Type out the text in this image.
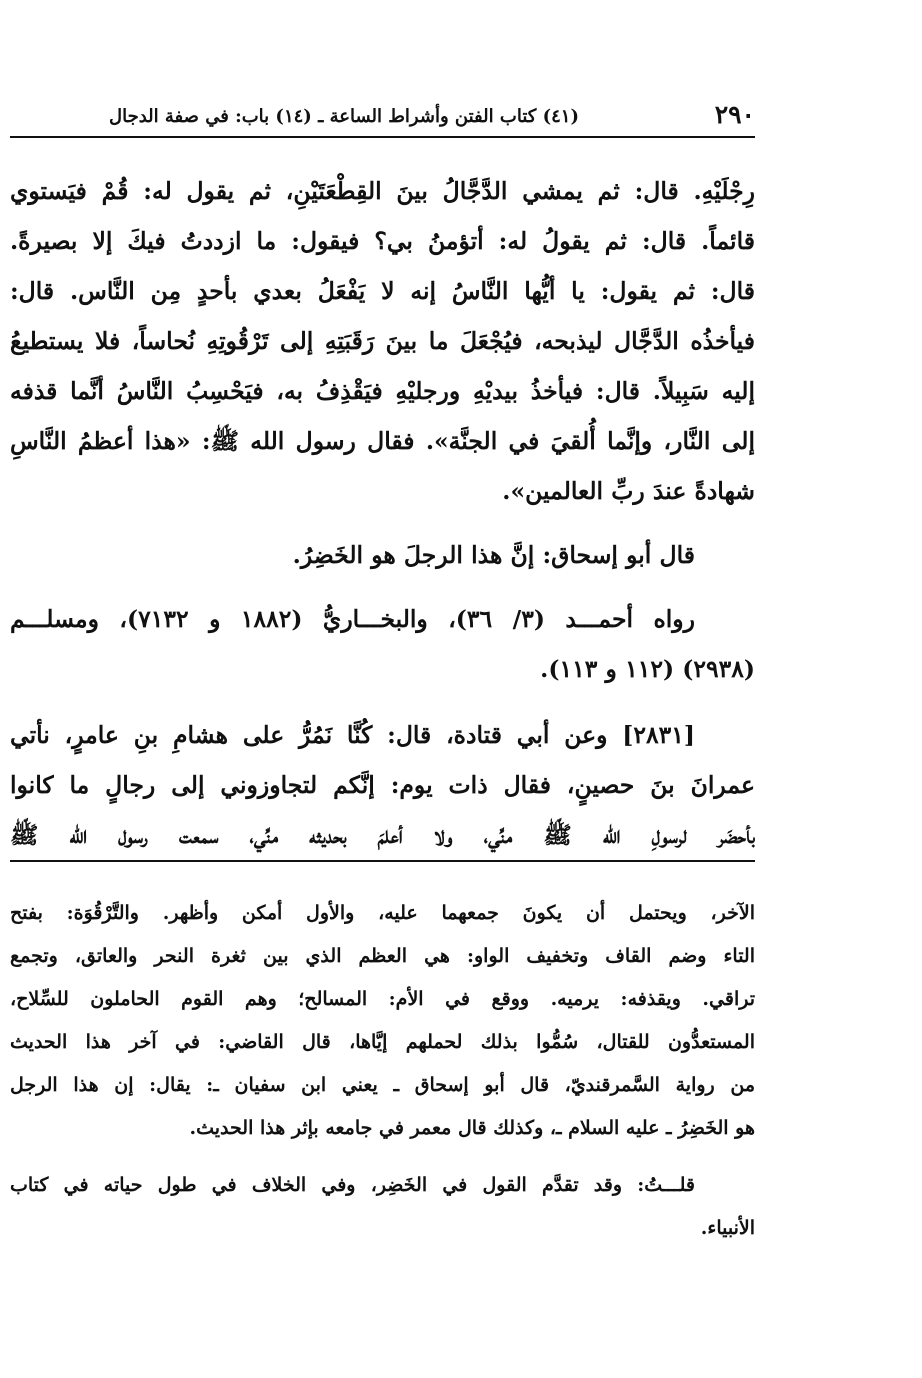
٢٩٠
(٤١) كتاب الفتن وأشراط الساعة ـ (١٤) باب: في صفة الدجال
رِجْلَيْهِ. قال: ثم يمشي الدَّجَّالُ بينَ القِطْعَتَيْنِ، ثم يقول له: قُمْ فيَستوي
قائماً. قال: ثم يقولُ له: أتؤمنُ بي؟ فيقول: ما ازددتُ فيكَ إلا بصيرةً.
قال: ثم يقول: يا أيُّها النَّاسُ إنه لا يَفْعَلُ بعدي بأحدٍ مِن النَّاس. قال:
فيأخذُه الدَّجَّال ليذبحه، فيُجْعَلَ ما بينَ رَقَبَتِهِ إلى تَرْقُوتِهِ نُحاساً، فلا يستطيعُ
إليه سَبِيلاً. قال: فيأخذُ بيديْهِ ورجليْهِ فيَقْذِفُ به، فيَحْسِبُ النَّاسُ أنَّما قذفه
إلى النَّار، وإنَّما أُلقيَ في الجنَّة». فقال رسول الله ﷺ: «هذا أعظمُ النَّاسِ
شهادةً عندَ ربِّ العالمين».
قال أبو إسحاق: إنَّ هذا الرجلَ هو الخَضِرُ.
رواه أحمـــد (٣/ ٣٦)، والبخـــاريُّ (١٨٨٢ و ٧١٣٢)، ومسلـــم
(٢٩٣٨) (١١٢ و ١١٣).
[٢٨٣١] وعن أبي قتادة، قال: كُنَّا نَمُرُّ على هشامِ بنِ عامرٍ، نأتي
عمرانَ بنَ حصينٍ، فقال ذات يوم: إنَّكم لتجاوزوني إلى رجالٍ ما كانوا
بأحضَر لرسولِ الله ﷺ منِّي، ولا أعلمَ بحديثه منِّي، سمعت رسول الله ﷺ
الآخر، ويحتمل أن يكونَ جمعهما عليه، والأول أمكن وأظهر. والتَّرْقُوَة: بفتح
التاء وضم القاف وتخفيف الواو: هي العظم الذي بين ثغرة النحر والعاتق، وتجمع
تراقي. ويقذفه: يرميه. ووقع في الأم: المسالح؛ وهم القوم الحاملون للسِّلاح،
المستعدُّون للقتال، سُمُّوا بذلك لحملهم إيَّاها، قال القاضي: في آخر هذا الحديث
من رواية السَّمرقنديّ، قال أبو إسحاق ـ يعني ابن سفيان ـ: يقال: إن هذا الرجل
هو الخَضِرُ ـ عليه السلام ـ، وكذلك قال معمر في جامعه بإثر هذا الحديث.
قلـــتُ: وقد تقدَّم القول في الخَضِر، وفي الخلاف في طول حياته في كتاب
الأنبياء.
